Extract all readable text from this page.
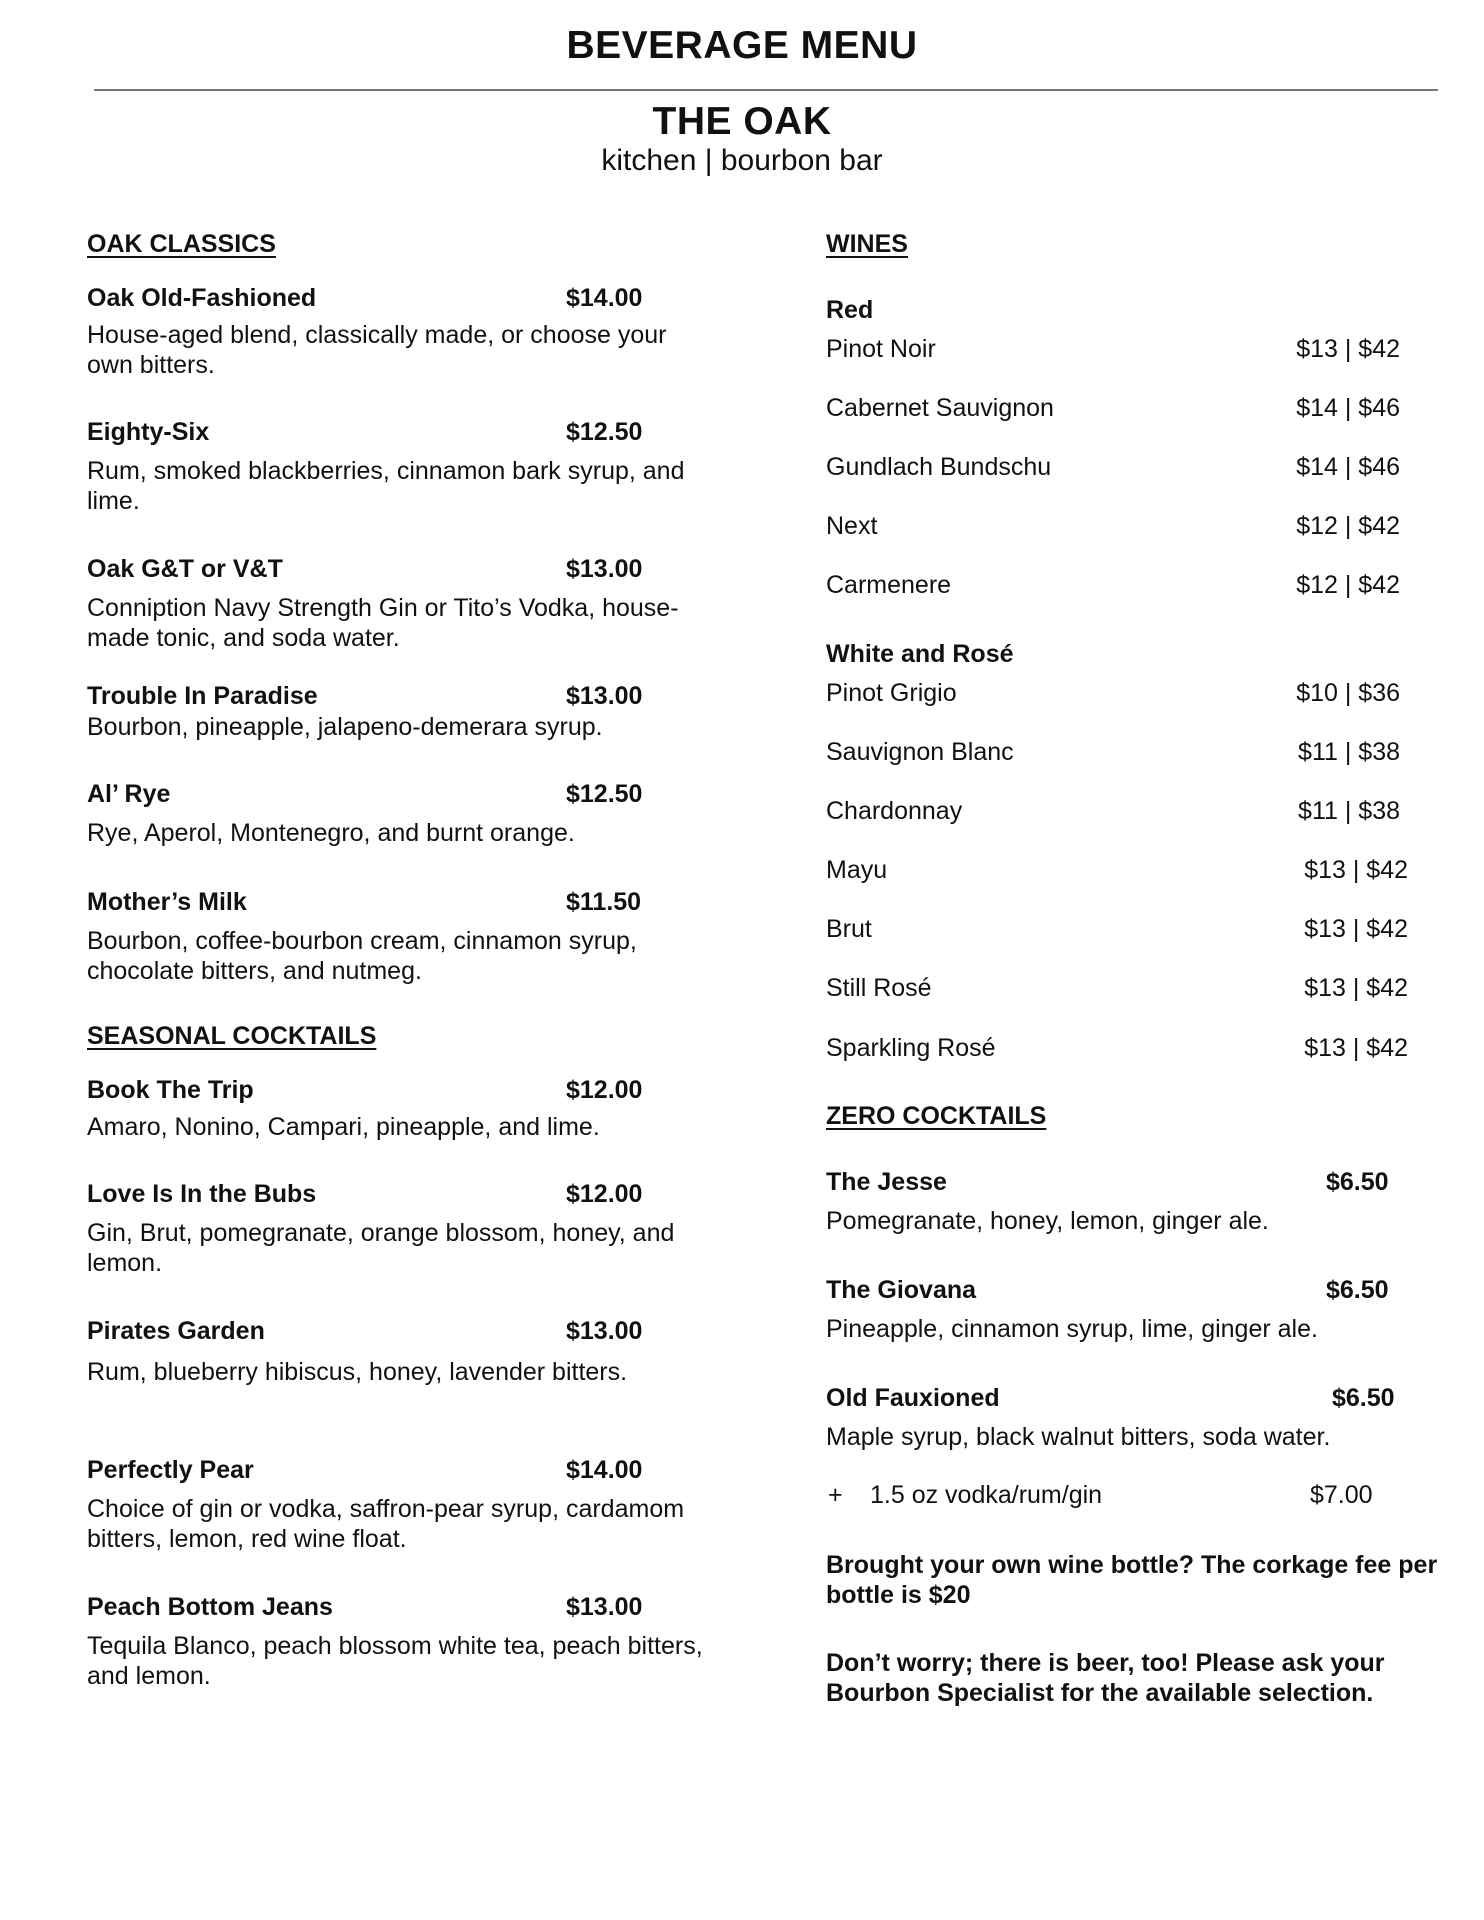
BEVERAGE MENU
THE OAK
kitchen | bourbon bar
OAK CLASSICS
Oak Old-Fashioned	$14.00
House-aged blend, classically made, or choose your own bitters.
Eighty-Six	$12.50
Rum, smoked blackberries, cinnamon bark syrup, and lime.
Oak G&T or V&T	$13.00
Conniption Navy Strength Gin or Tito’s Vodka, house-made tonic, and soda water.
Trouble In Paradise	$13.00
Bourbon, pineapple, jalapeno-demerara syrup.
Al’ Rye	$12.50
Rye, Aperol, Montenegro, and burnt orange.
Mother’s Milk	$11.50
Bourbon, coffee-bourbon cream, cinnamon syrup, chocolate bitters, and nutmeg.
SEASONAL COCKTAILS
Book The Trip	$12.00
Amaro, Nonino, Campari, pineapple, and lime.
Love Is In the Bubs	$12.00
Gin, Brut, pomegranate, orange blossom, honey, and lemon.
Pirates Garden	$13.00
Rum, blueberry hibiscus, honey, lavender bitters.
Perfectly Pear	$14.00
Choice of gin or vodka, saffron-pear syrup, cardamom bitters, lemon, red wine float.
Peach Bottom Jeans	$13.00
Tequila Blanco, peach blossom white tea, peach bitters, and lemon.
WINES
Red
Pinot Noir	$13 | $42
Cabernet Sauvignon	$14 | $46
Gundlach Bundschu	$14 | $46
Next	$12 | $42
Carmenere	$12 | $42
White and Rosé
Pinot Grigio	$10 | $36
Sauvignon Blanc	$11 | $38
Chardonnay	$11 | $38
Mayu	$13 | $42
Brut	$13 | $42
Still Rosé	$13 | $42
Sparkling Rosé	$13 | $42
ZERO COCKTAILS
The Jesse	$6.50
Pomegranate, honey, lemon, ginger ale.
The Giovana	$6.50
Pineapple, cinnamon syrup, lime, ginger ale.
Old Fauxioned	$6.50
Maple syrup, black walnut bitters, soda water.
+ 1.5 oz vodka/rum/gin	$7.00
Brought your own wine bottle? The corkage fee per bottle is $20
Don’t worry; there is beer, too! Please ask your Bourbon Specialist for the available selection.
